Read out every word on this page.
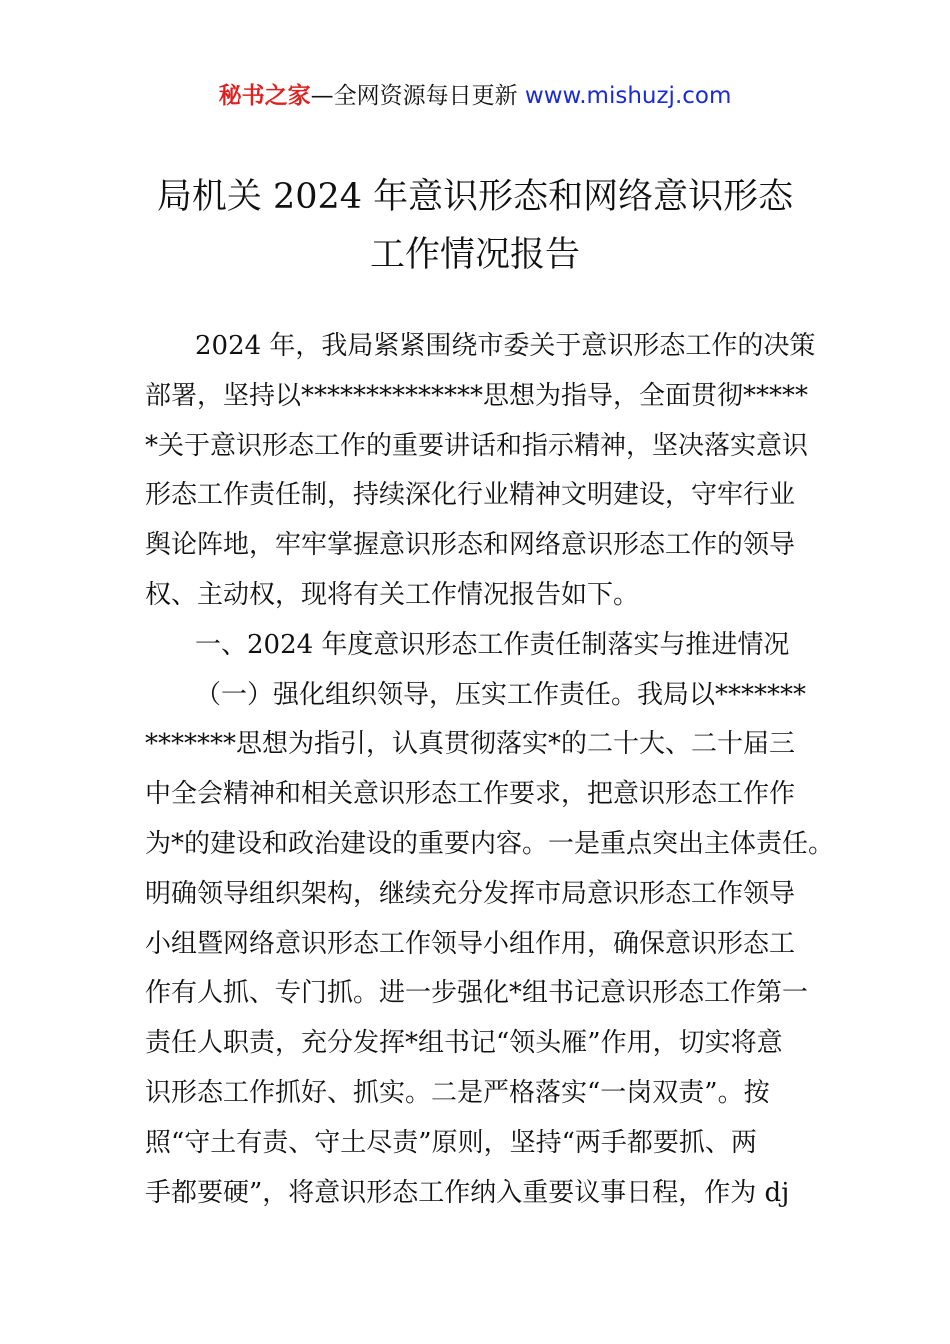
秘书之家—全网资源每日更新 www.mishuzj.com
局机关 2024 年意识形态和网络意识形态
工作情况报告
2024 年，我局紧紧围绕市委关于意识形态工作的决策
部署，坚持以**************思想为指导，全面贯彻*****
*关于意识形态工作的重要讲话和指示精神，坚决落实意识
形态工作责任制，持续深化行业精神文明建设，守牢行业
舆论阵地，牢牢掌握意识形态和网络意识形态工作的领导
权、主动权，现将有关工作情况报告如下。
一、2024 年度意识形态工作责任制落实与推进情况
（一）强化组织领导，压实工作责任。我局以*******
*******思想为指引，认真贯彻落实*的二十大、二十届三
中全会精神和相关意识形态工作要求，把意识形态工作作
为*的建设和政治建设的重要内容。一是重点突出主体责任。
明确领导组织架构，继续充分发挥市局意识形态工作领导
小组暨网络意识形态工作领导小组作用，确保意识形态工
作有人抓、专门抓。进一步强化*组书记意识形态工作第一
责任人职责，充分发挥*组书记“领头雁”作用，切实将意
识形态工作抓好、抓实。二是严格落实“一岗双责”。按
照“守土有责、守土尽责”原则，坚持“两手都要抓、两
手都要硬”，将意识形态工作纳入重要议事日程，作为 dj
